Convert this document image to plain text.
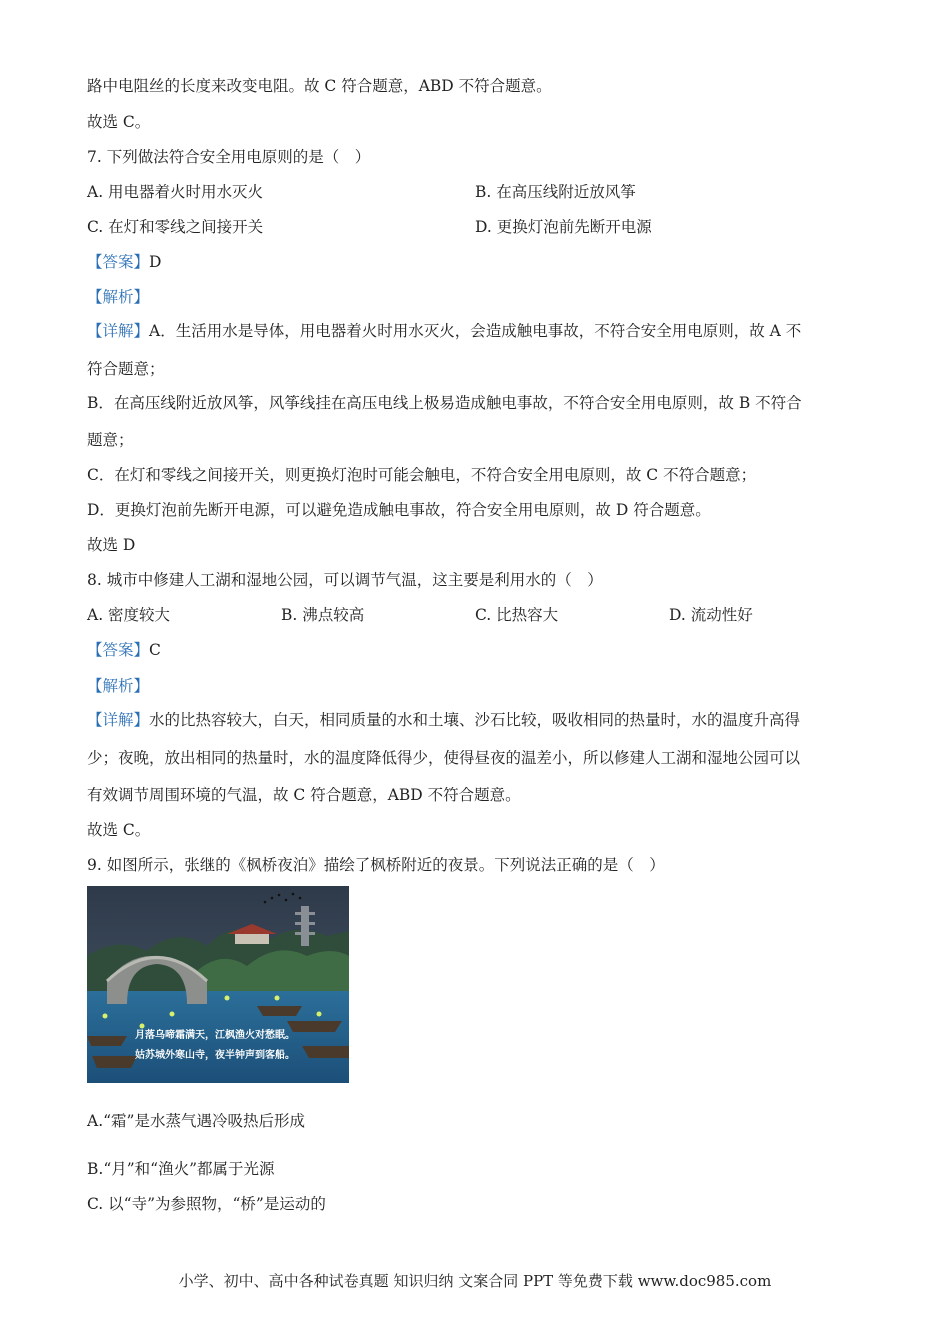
路中电阻丝的长度来改变电阻。故 C 符合题意，ABD 不符合题意。
故选 C。
7. 下列做法符合安全用电原则的是（　）
A. 用电器着火时用水灭火	B. 在高压线附近放风筝
C. 在灯和零线之间接开关	D. 更换灯泡前先断开电源
【答案】D
【解析】
【详解】A．生活用水是导体，用电器着火时用水灭火，会造成触电事故，不符合安全用电原则，故 A 不
符合题意；
B．在高压线附近放风筝，风筝线挂在高压电线上极易造成触电事故，不符合安全用电原则，故 B 不符合
题意；
C．在灯和零线之间接开关，则更换灯泡时可能会触电，不符合安全用电原则，故 C 不符合题意；
D．更换灯泡前先断开电源，可以避免造成触电事故，符合安全用电原则，故 D 符合题意。
故选 D
8. 城市中修建人工湖和湿地公园，可以调节气温，这主要是利用水的（　）
A. 密度较大	B. 沸点较高	C. 比热容大	D. 流动性好
【答案】C
【解析】
【详解】水的比热容较大，白天，相同质量的水和土壤、沙石比较，吸收相同的热量时，水的温度升高得
少；夜晚，放出相同的热量时，水的温度降低得少，使得昼夜的温差小，所以修建人工湖和湿地公园可以
有效调节周围环境的气温，故 C 符合题意，ABD 不符合题意。
故选 C。
9. 如图所示，张继的《枫桥夜泊》描绘了枫桥附近的夜景。下列说法正确的是（　）
月落乌啼霜满天，江枫渔火对愁眠。
姑苏城外寒山寺，夜半钟声到客船。
A.“霜”是水蒸气遇冷吸热后形成
B.“月”和“渔火”都属于光源
C. 以“寺”为参照物，“桥”是运动的
小学、初中、高中各种试卷真题 知识归纳 文案合同 PPT 等免费下载 www.doc985.com
